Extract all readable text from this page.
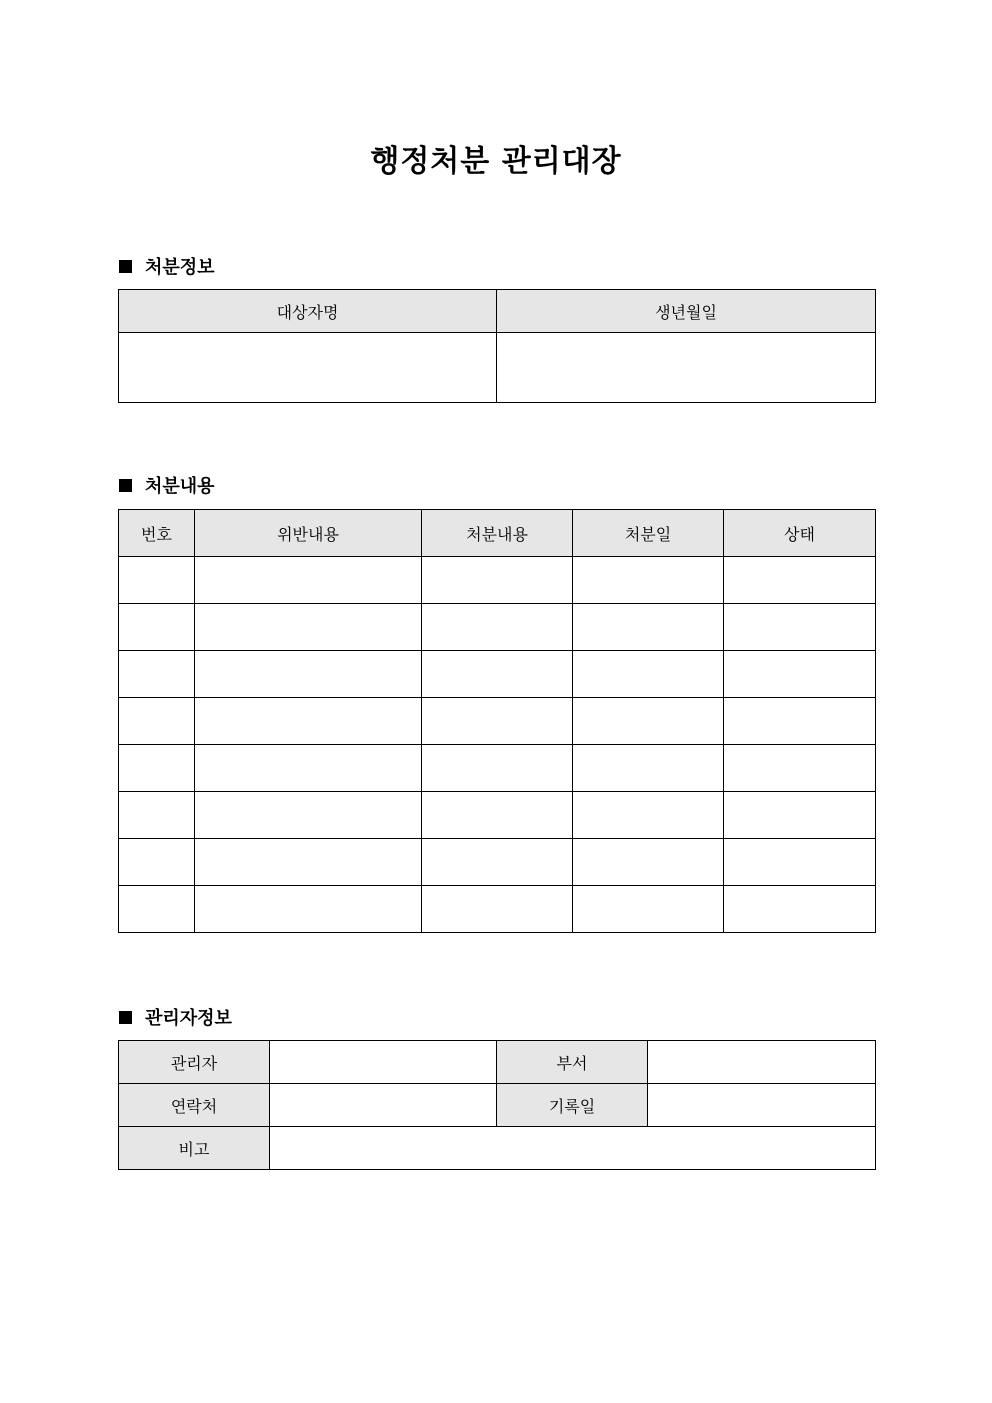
행정처분 관리대장
처분정보
대상자명	생년월일

처분내용
번호	위반내용	처분내용	처분일	상태

관리자정보
관리자		부서	
연락처		기록일	
비고			
